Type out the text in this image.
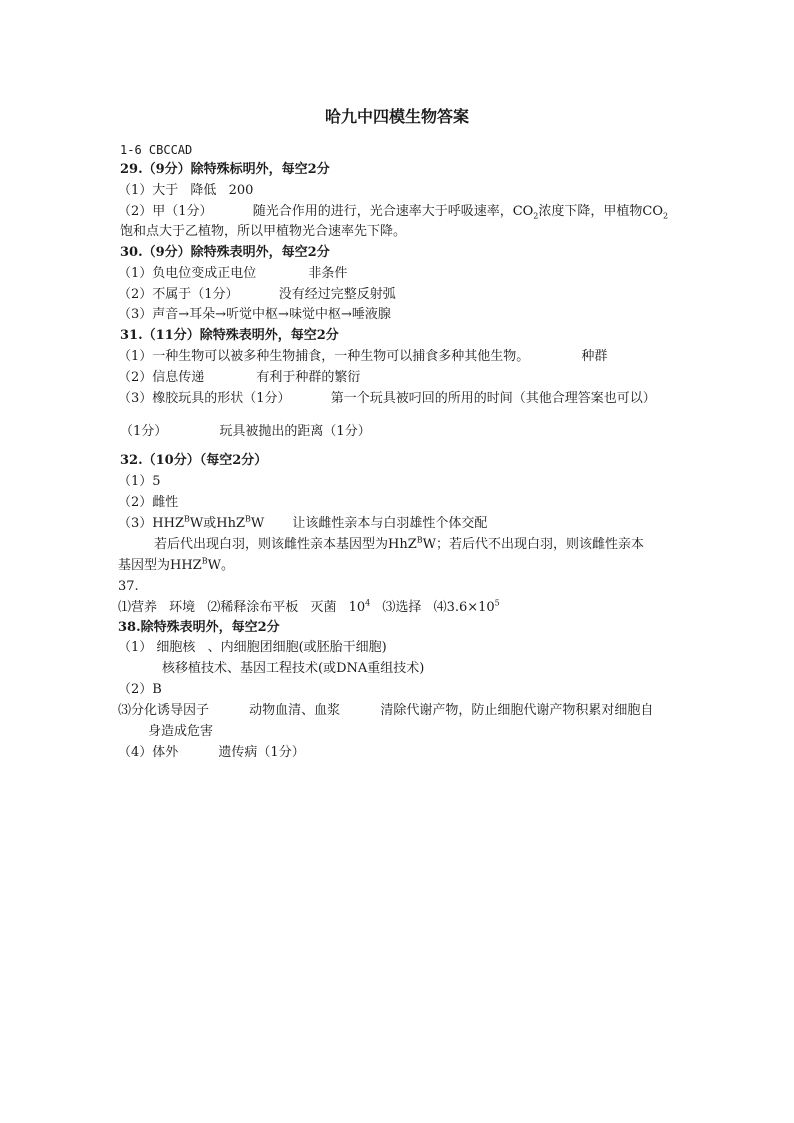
哈九中四模生物答案
1-6 CBCCAD
29.（9分）除特殊标明外，每空2分
（1）大于 降低 200
（2）甲（1分）	随光合作用的进行，光合速率大于呼吸速率，$CO_2$浓度下降，甲植物$CO_2$
饱和点大于乙植物，所以甲植物光合速率先下降。
30.（9分）除特殊表明外，每空2分
（1）负电位变成正电位	非条件
（2）不属于（1分）	没有经过完整反射弧
（3）声音→耳朵→听觉中枢→味觉中枢→唾液腺
31.（11分）除特殊表明外，每空2分
（1）一种生物可以被多种生物捕食，一种生物可以捕食多种其他生物。	种群
（2）信息传递	有利于种群的繁衍
（3）橡胶玩具的形状（1分）	第一个玩具被叼回的所用的时间（其他合理答案也可以）
（1分）	玩具被抛出的距离（1分）
32.（10分）（每空2分）
（1）5
（2）雌性
$(3)HHZ^BW$或HhZ$^B$W 让该雌性亲本与白羽雄性个体交配
若后代出现白羽，则该雌性亲本基因型为HhZ$^B$W；若后代不出现白羽，则该雌性亲本
基因型为$HHZ^BW$。
37.
⑴营养 环境 ⑵稀释涂布平板 灭菌 $10^4$ ⑶选择 $⑷3.6\times 10^5$
38.除特殊表明外，每空2分
（1） 细胞核 、内细胞团细胞(或胚胎干细胞)
核移植技术、基因工程技术(或DNA重组技术)
（2）B
⑶分化诱导因子	动物血清、血浆	清除代谢产物，防止细胞代谢产物积累对细胞自
身造成危害
（4）体外	遗传病（1分）
